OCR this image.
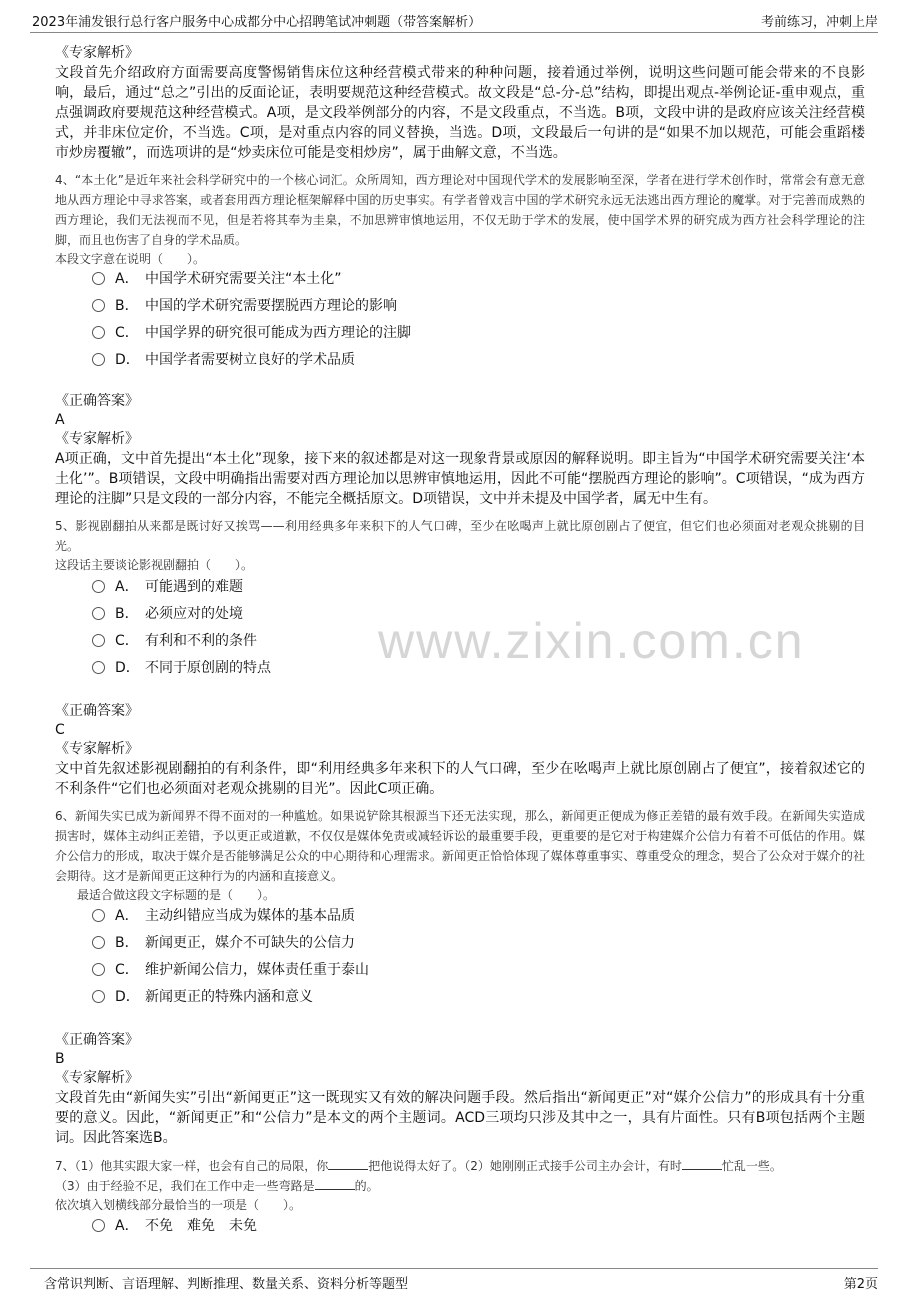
2023年浦发银行总行客户服务中心成都分中心招聘笔试冲刺题（带答案解析）	考前练习，冲刺上岸
www.zixin.com.cn
《专家解析》
文段首先介绍政府方面需要高度警惕销售床位这种经营模式带来的种种问题，接着通过举例，说明这些问题可能会带来的不良影响，最后，通过“总之”引出的反面论证，表明要规范这种经营模式。故文段是“总-分-总”结构，即提出观点-举例论证-重申观点，重点强调政府要规范这种经营模式。A项，是文段举例部分的内容，不是文段重点，不当选。B项，文段中讲的是政府应该关注经营模式，并非床位定价，不当选。C项，是对重点内容的同义替换，当选。D项，文段最后一句讲的是“如果不加以规范，可能会重蹈楼市炒房覆辙”，而选项讲的是“炒卖床位可能是变相炒房”，属于曲解文意，不当选。
4、“本土化”是近年来社会科学研究中的一个核心词汇。众所周知，西方理论对中国现代学术的发展影响至深，学者在进行学术创作时，常常会有意无意地从西方理论中寻求答案，或者套用西方理论框架解释中国的历史事实。有学者曾戏言中国的学术研究永远无法逃出西方理论的魔掌。对于完善而成熟的西方理论，我们无法视而不见，但是若将其奉为圭臬，不加思辨审慎地运用，不仅无助于学术的发展，使中国学术界的研究成为西方社会科学理论的注脚，而且也伤害了自身的学术品质。
本段文字意在说明（　　）。
A． 中国学术研究需要关注“本土化”
B． 中国的学术研究需要摆脱西方理论的影响
C． 中国学界的研究很可能成为西方理论的注脚
D． 中国学者需要树立良好的学术品质
《正确答案》
A
《专家解析》
A项正确，文中首先提出“本土化”现象，接下来的叙述都是对这一现象背景或原因的解释说明。即主旨为“中国学术研究需要关注‘本土化’”。B项错误，文段中明确指出需要对西方理论加以思辨审慎地运用，因此不可能“摆脱西方理论的影响”。C项错误，“成为西方理论的注脚”只是文段的一部分内容，不能完全概括原文。D项错误，文中并未提及中国学者，属无中生有。
5、影视剧翻拍从来都是既讨好又挨骂——利用经典多年来积下的人气口碑，至少在吆喝声上就比原创剧占了便宜，但它们也必须面对老观众挑剔的目光。
这段话主要谈论影视剧翻拍（　　）。
A． 可能遇到的难题
B． 必须应对的处境
C． 有利和不利的条件
D． 不同于原创剧的特点
《正确答案》
C
《专家解析》
文中首先叙述影视剧翻拍的有利条件，即“利用经典多年来积下的人气口碑，至少在吆喝声上就比原创剧占了便宜”，接着叙述它的不利条件“它们也必须面对老观众挑剔的目光”。因此C项正确。
6、新闻失实已成为新闻界不得不面对的一种尴尬。如果说铲除其根源当下还无法实现，那么，新闻更正便成为修正差错的最有效手段。在新闻失实造成损害时，媒体主动纠正差错，予以更正或道歉，不仅仅是媒体免责或减轻诉讼的最重要手段，更重要的是它对于构建媒介公信力有着不可低估的作用。媒介公信力的形成，取决于媒介是否能够满足公众的中心期待和心理需求。新闻更正恰恰体现了媒体尊重事实、尊重受众的理念，契合了公众对于媒介的社会期待。这才是新闻更正这种行为的内涵和直接意义。
最适合做这段文字标题的是（　　）。
A． 主动纠错应当成为媒体的基本品质
B． 新闻更正，媒介不可缺失的公信力
C． 维护新闻公信力，媒体责任重于泰山
D． 新闻更正的特殊内涵和意义
《正确答案》
B
《专家解析》
文段首先由“新闻失实”引出“新闻更正”这一既现实又有效的解决问题手段。然后指出“新闻更正”对“媒介公信力”的形成具有十分重要的意义。因此，“新闻更正”和“公信力”是本文的两个主题词。ACD三项均只涉及其中之一，具有片面性。只有B项包括两个主题词。因此答案选B。
7、（1）他其实跟大家一样，也会有自己的局限，你	把他说得太好了。（2）她刚刚正式接手公司主办会计，有时	忙乱一些。
（3）由于经验不足，我们在工作中走一些弯路是	的。
依次填入划横线部分最恰当的一项是（　　）。
A． 不免　难免　未免
含常识判断、言语理解、判断推理、数量关系、资料分析等题型	第2页
